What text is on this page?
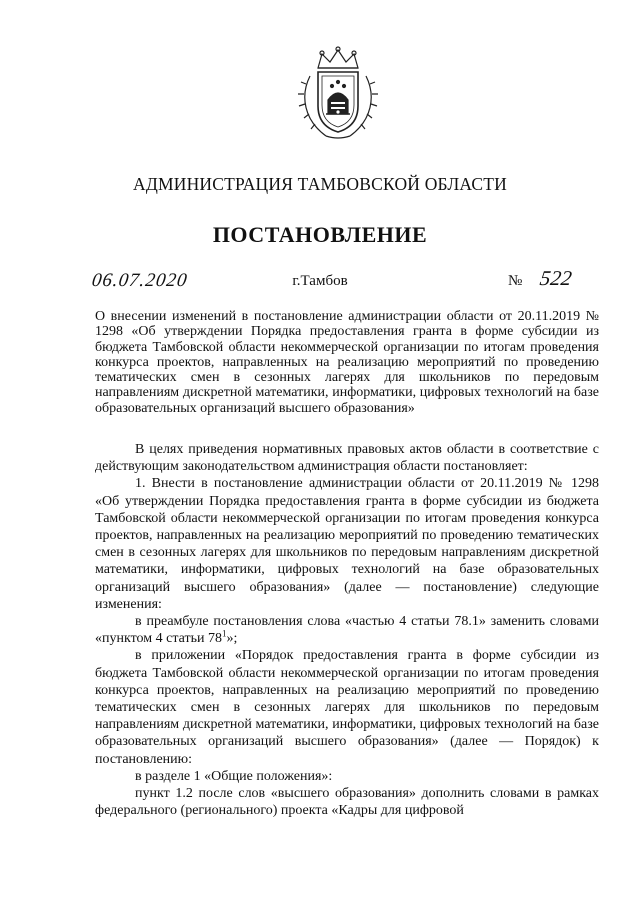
АДМИНИСТРАЦИЯ ТАМБОВСКОЙ ОБЛАСТИ
ПОСТАНОВЛЕНИЕ
06.07.2020	г.Тамбов	№ 522
О внесении изменений в постановление администрации области от 20.11.2019 № 1298 «Об утверждении Порядка предоставления гранта в форме субсидии из бюджета Тамбовской области некоммерческой организации по итогам проведения конкурса проектов, направленных на реализацию мероприятий по проведению тематических смен в сезонных лагерях для школьников по передовым направлениям дискретной математики, информатики, цифровых технологий на базе образовательных организаций высшего образования»

В целях приведения нормативных правовых актов области в соответствие с действующим законодательством администрация области постановляет:

1. Внести в постановление администрации области от 20.11.2019 № 1298 «Об утверждении Порядка предоставления гранта в форме субсидии из бюджета Тамбовской области некоммерческой организации по итогам проведения конкурса проектов, направленных на реализацию мероприятий по проведению тематических смен в сезонных лагерях для школьников по передовым направлениям дискретной математики, информатики, цифровых технологий на базе образовательных организаций высшего образования» (далее — постановление) следующие изменения:

в преамбуле постановления слова «частью 4 статьи 78.1» заменить словами «пунктом 4 статьи $78^1$»;

в приложении «Порядок предоставления гранта в форме субсидии из бюджета Тамбовской области некоммерческой организации по итогам проведения конкурса проектов, направленных на реализацию мероприятий по проведению тематических смен в сезонных лагерях для школьников по передовым направлениям дискретной математики, информатики, цифровых технологий на базе образовательных организаций высшего образования» (далее — Порядок) к постановлению:

в разделе 1 «Общие положения»:

пункт 1.2 после слов «высшего образования» дополнить словами в рамках федерального (регионального) проекта «Кадры для цифровой
